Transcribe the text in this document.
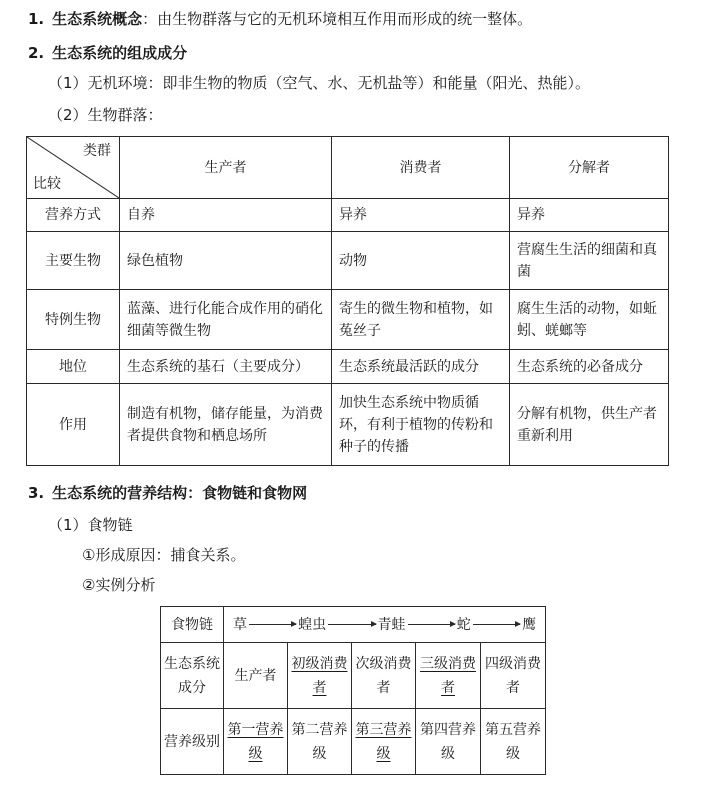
1. 生态系统概念：由生物群落与它的无机环境相互作用而形成的统一整体。
2. 生态系统的组成成分
（1）无机环境：即非生物的物质（空气、水、无机盐等）和能量（阳光、热能）。
（2）生物群落：
类群
比较	生产者	消费者	分解者
营养方式	自养	异养	异养
主要生物	绿色植物	动物	营腐生生活的细菌和真菌
特例生物	蓝藻、进行化能合成作用的硝化细菌等微生物	寄生的微生物和植物，如菟丝子	腐生生活的动物，如蚯蚓、蜣螂等
地位	生态系统的基石（主要成分）	生态系统最活跃的成分	生态系统的必备成分
作用	制造有机物，储存能量，为消费者提供食物和栖息场所	加快生态系统中物质循环，有利于植物的传粉和种子的传播	分解有机物，供生产者重新利用
3. 生态系统的营养结构：食物链和食物网
（1）食物链
①形成原因：捕食关系。
②实例分析
食物链	草 蝗虫 青蛙 蛇 鹰				

生态系统成分	生产者	初级消费者	次级消费者	三级消费者	四级消费者
营养级别	第一营养级	第二营养级	第三营养级	第四营养级	第五营养级
